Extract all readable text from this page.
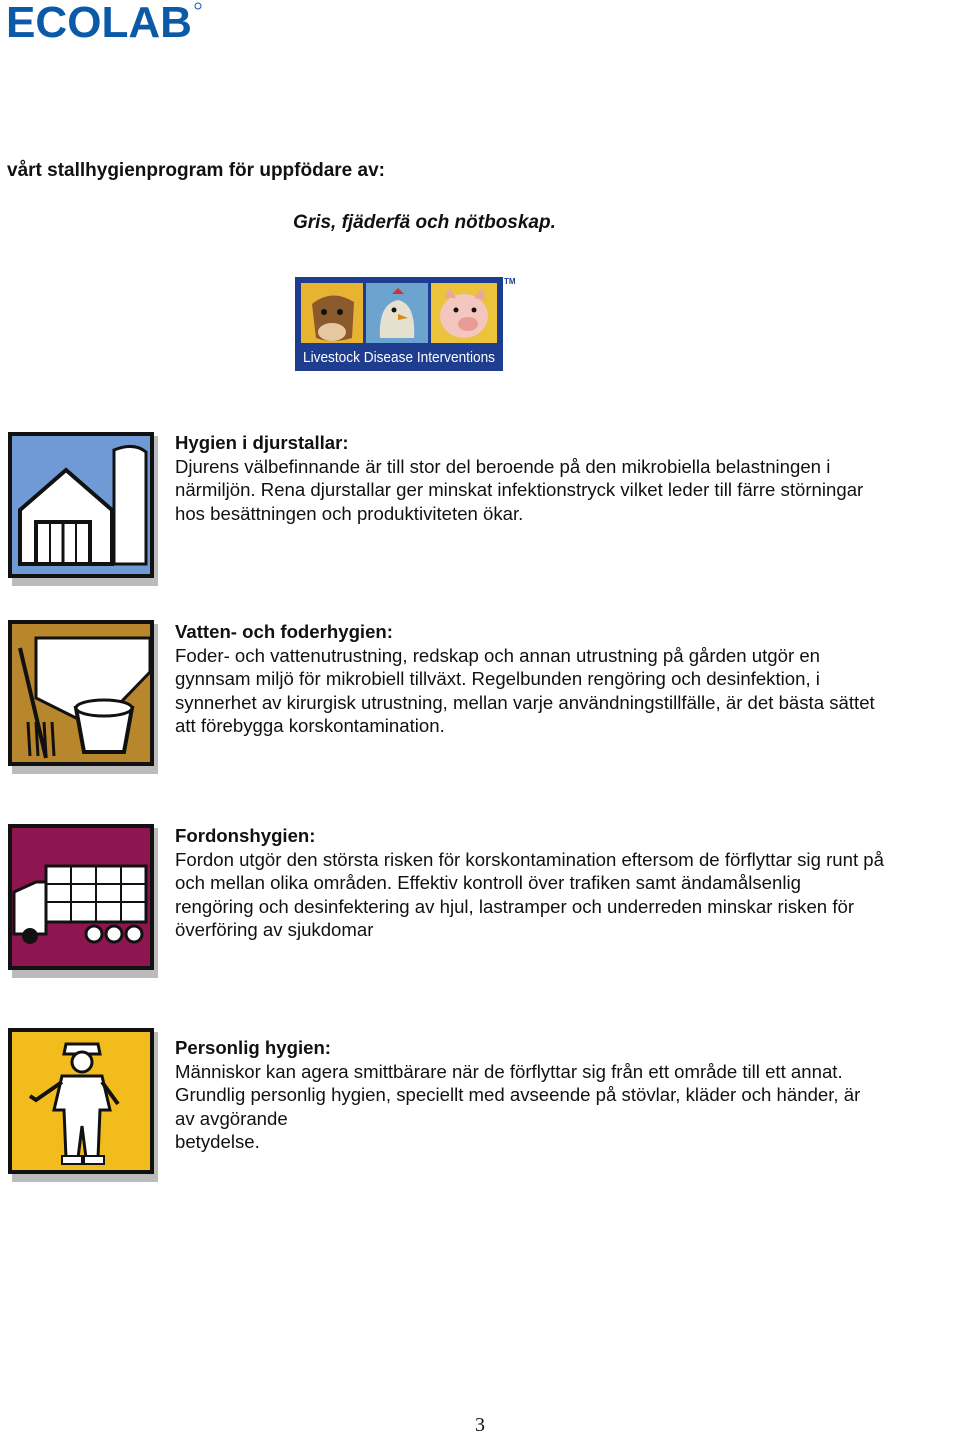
ECOLAB
vårt stallhygienprogram för uppfödare av:
Gris, fjäderfä och nötboskap.
Livestock Disease Interventions
TM
Hygien i djurstallar:

Djurens välbefinnande är till stor del beroende på den mikrobiella belastningen i

närmiljön. Rena djurstallar ger minskat infektionstryck vilket leder till färre störningar

hos besättningen och produktiviteten ökar.

Vatten- och foderhygien:

Foder- och vattenutrustning, redskap och annan utrustning på gården utgör en

gynnsam miljö för mikrobiell tillväxt. Regelbunden rengöring och desinfektion, i

synnerhet av kirurgisk utrustning, mellan varje användningstillfälle, är det bästa sättet

att förebygga korskontamination.

Fordonshygien:

Fordon utgör den största risken för korskontamination eftersom de förflyttar sig runt på

och mellan olika områden. Effektiv kontroll över trafiken samt ändamålsenlig

rengöring och desinfektering av hjul, lastramper och underreden minskar risken för

överföring av sjukdomar

Personlig hygien:

Människor kan agera smittbärare när de förflyttar sig från ett område till ett annat.

Grundlig personlig hygien, speciellt med avseende på stövlar, kläder och händer, är

av avgörande

betydelse.

3
